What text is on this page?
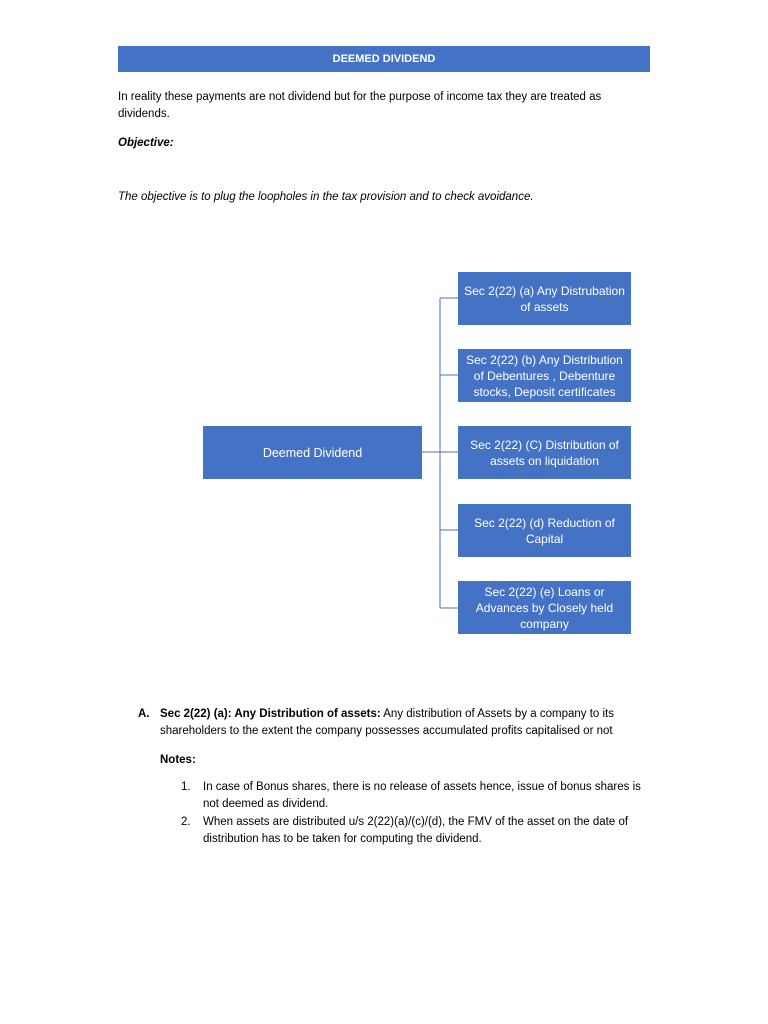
DEEMED DIVIDEND
In reality these payments are not dividend but for the purpose of income tax they are treated as dividends.
Objective:
The objective is to plug the loopholes in the tax provision and to check avoidance.
Deemed Dividend
Sec 2(22) (a) Any Distrubation of assets
Sec 2(22) (b) Any Distribution of Debentures , Debenture stocks, Deposit certificates
Sec 2(22) (C) Distribution of assets on liquidation
Sec 2(22) (d) Reduction of Capital
Sec 2(22) (e) Loans or Advances by Closely held company
A. Sec 2(22) (a): Any Distribution of assets: Any distribution of Assets by a company to its shareholders to the extent the company possesses accumulated profits capitalised or not
Notes:
1. In case of Bonus shares, there is no release of assets hence, issue of bonus shares is not deemed as dividend.
2. When assets are distributed u/s 2(22)(a)/(c)/(d), the FMV of the asset on the date of distribution has to be taken for computing the dividend.
